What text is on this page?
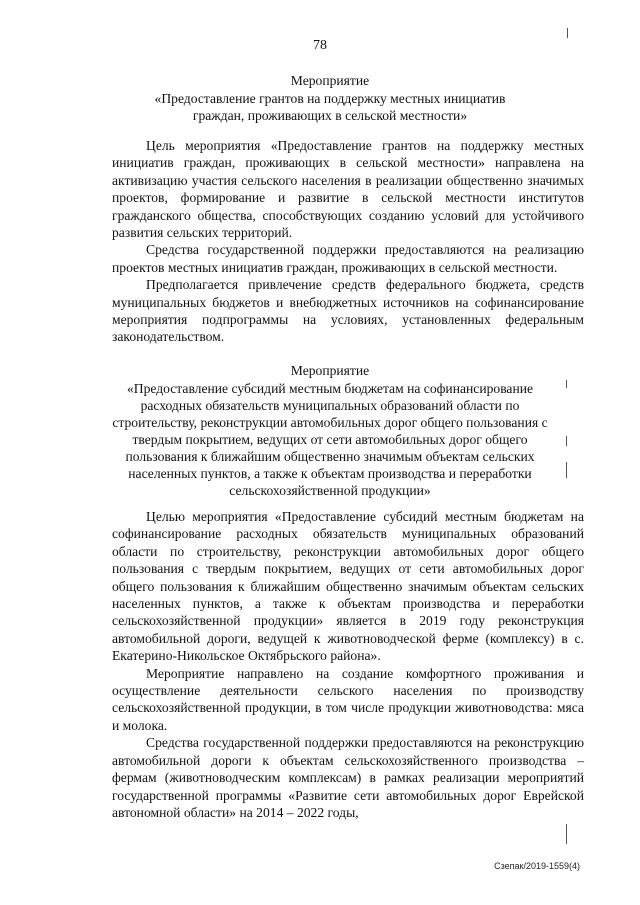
78
Мероприятие
«Предоставление грантов на поддержку местных инициатив
граждан, проживающих в сельской местности»

Цель мероприятия «Предоставление грантов на поддержку местных инициатив граждан, проживающих в сельской местности» направлена на активизацию участия сельского населения в реализации общественно значимых проектов, формирование и развитие в сельской местности институтов гражданского общества, способствующих созданию условий для устойчивого развития сельских территорий.

Средства государственной поддержки предоставляются на реализацию проектов местных инициатив граждан, проживающих в сельской местности.

Предполагается привлечение средств федерального бюджета, средств муниципальных бюджетов и внебюджетных источников на софинансирование мероприятия подпрограммы на условиях, установленных федеральным законодательством.

Мероприятие
«Предоставление субсидий местным бюджетам на софинансирование
расходных обязательств муниципальных образований области по
строительству, реконструкции автомобильных дорог общего пользования с
твердым покрытием, ведущих от сети автомобильных дорог общего
пользования к ближайшим общественно значимым объектам сельских
населенных пунктов, а также к объектам производства и переработки
сельскохозяйственной продукции»

Целью мероприятия «Предоставление субсидий местным бюджетам на софинансирование расходных обязательств муниципальных образований области по строительству, реконструкции автомобильных дорог общего пользования с твердым покрытием, ведущих от сети автомобильных дорог общего пользования к ближайшим общественно значимым объектам сельских населенных пунктов, а также к объектам производства и переработки сельскохозяйственной продукции» является в 2019 году реконструкция автомобильной дороги, ведущей к животноводческой ферме (комплексу) в с. Екатерино-Никольское Октябрьского района».

Мероприятие направлено на создание комфортного проживания и осуществление деятельности сельского населения по производству сельскохозяйственной продукции, в том числе продукции животноводства: мяса и молока.

Средства государственной поддержки предоставляются на реконструкцию автомобильной дороги к объектам сельскохозяйственного производства – фермам (животноводческим комплексам) в рамках реализации мероприятий государственной программы «Развитие сети автомобильных дорог Еврейской автономной области» на 2014 – 2022 годы,

Сзепак/2019-1559(4)
